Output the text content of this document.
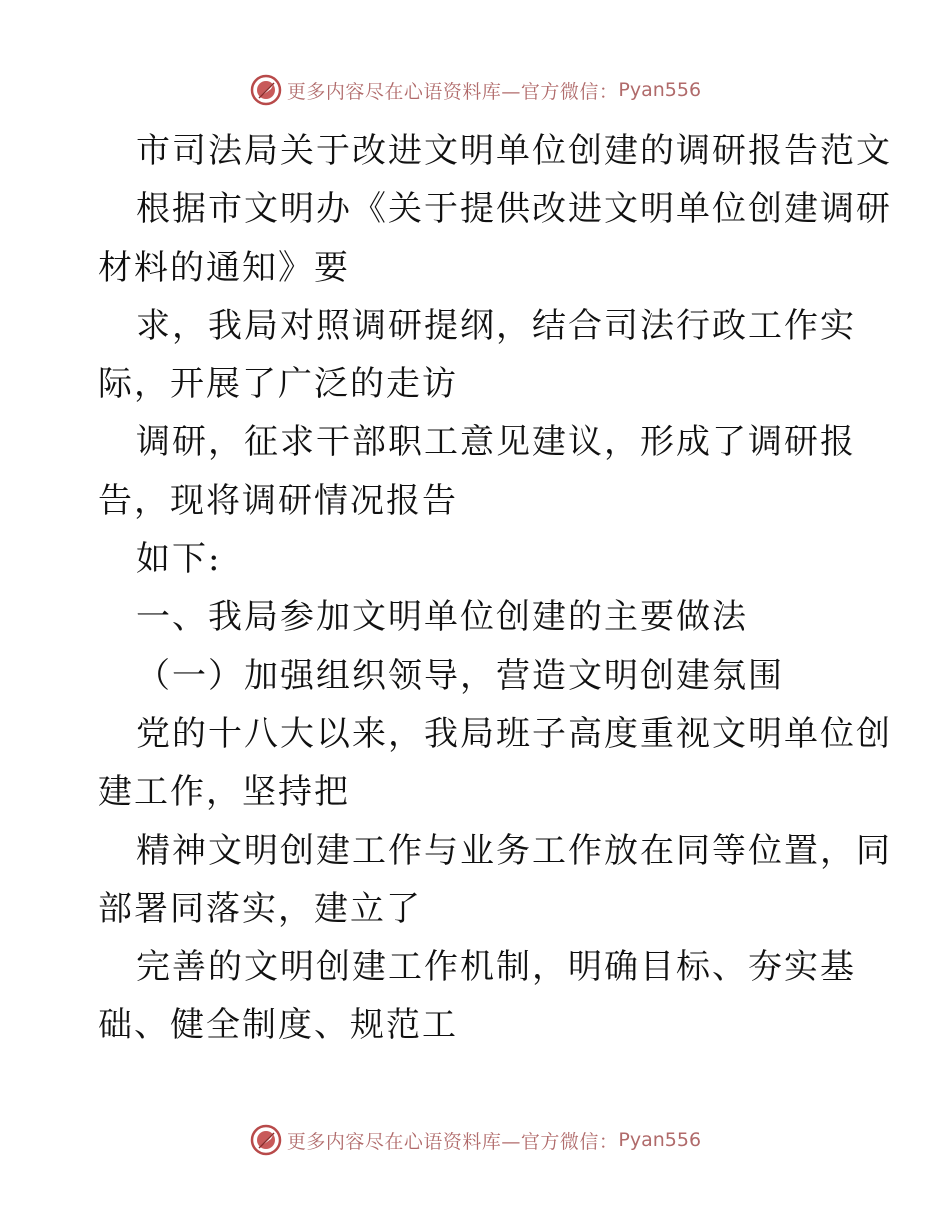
更多内容尽在心语资料库—官方微信： Pyan556
市司法局关于改进文明单位创建的调研报告范文
根据市文明办《关于提供改进文明单位创建调研
材料的通知》要
求，我局对照调研提纲，结合司法行政工作实
际，开展了广泛的走访
调研，征求干部职工意见建议，形成了调研报
告，现将调研情况报告
如下:
一、我局参加文明单位创建的主要做法
（一）加强组织领导，营造文明创建氛围
党的十八大以来，我局班子高度重视文明单位创
建工作，坚持把
精神文明创建工作与业务工作放在同等位置，同
部署同落实，建立了
完善的文明创建工作机制，明确目标、夯实基
础、健全制度、规范工
更多内容尽在心语资料库—官方微信： Pyan556
